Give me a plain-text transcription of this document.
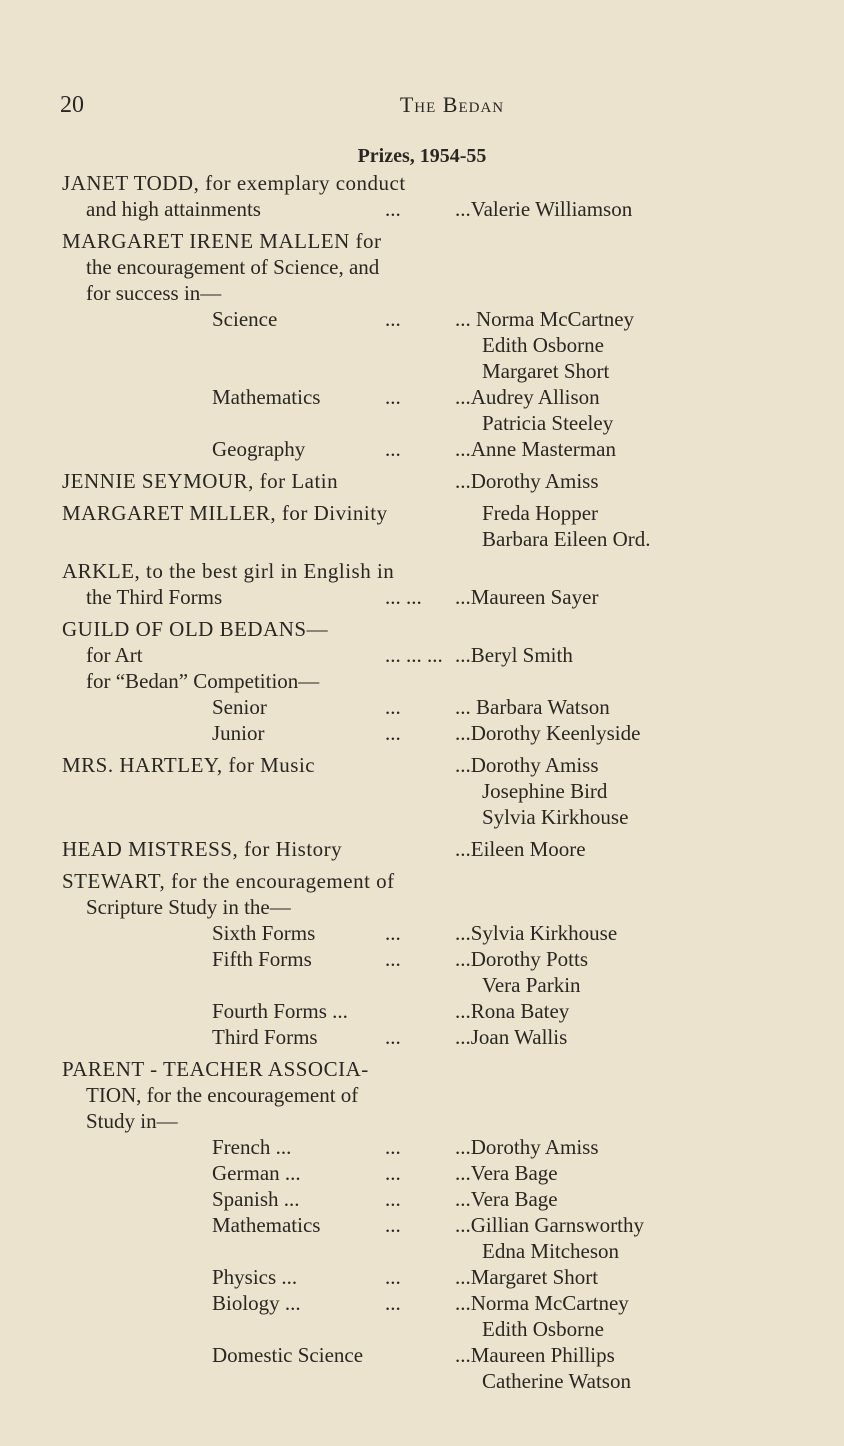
20	The Bedan
Prizes, 1954-55
JANET TODD, for exemplary conduct
and high attainments	...	...Valerie Williamson
MARGARET IRENE MALLEN for
the encouragement of Science, and
for success in—
Science	...	... Norma McCartney
Edith Osborne
Margaret Short
Mathematics	...	...Audrey Allison
Patricia Steeley
Geography	...	...Anne Masterman
JENNIE SEYMOUR, for Latin	...Dorothy Amiss
MARGARET MILLER, for Divinity	Freda Hopper
Barbara Eileen Ord.
ARKLE, to the best girl in English in
the Third Forms	... ... ...Maureen Sayer
GUILD OF OLD BEDANS—
for Art	... ... ... ...Beryl Smith
for “Bedan” Competition—
Senior	...	... Barbara Watson
Junior	...	...Dorothy Keenlyside
MRS. HARTLEY, for Music	...Dorothy Amiss
Josephine Bird
Sylvia Kirkhouse
HEAD MISTRESS, for History	...Eileen Moore
STEWART, for the encouragement of
Scripture Study in the—
Sixth Forms	...	...Sylvia Kirkhouse
Fifth Forms	...	...Dorothy Potts
Vera Parkin
Fourth Forms ...	...Rona Batey
Third Forms	...	...Joan Wallis
PARENT - TEACHER ASSOCIA-
TION, for the encouragement of
Study in—
French ...	...	...Dorothy Amiss
German ...	...	...Vera Bage
Spanish ...	...	...Vera Bage
Mathematics	...	...Gillian Garnsworthy
Edna Mitcheson
Physics ...	...	...Margaret Short
Biology ...	...	...Norma McCartney
Edith Osborne
Domestic Science	...Maureen Phillips
Catherine Watson
